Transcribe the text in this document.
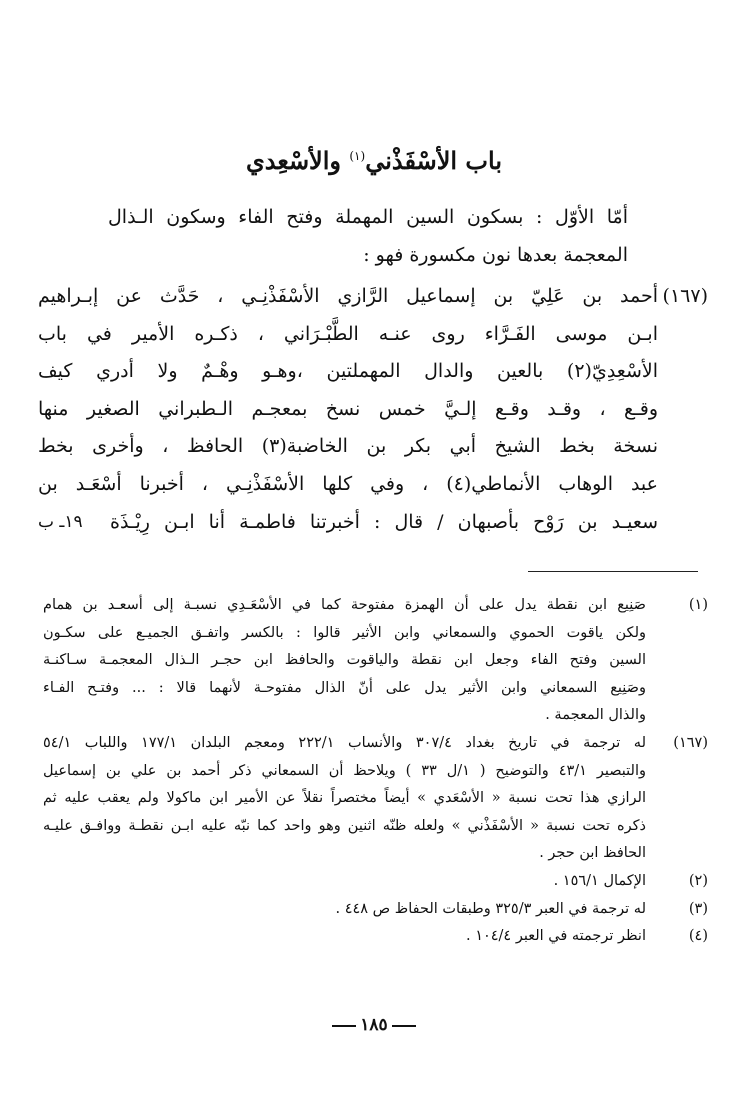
باب الأسْفَذْني$^{(١)}$ والأسْعِدي
أمّا الأوّل : بسكون السين المهملة وفتح الفاء وسكون الـذال
المعجمة بعدها نون مكسورة فهو :
(١٦٧)
أحمد بن عَلِيّ بن إسماعيل الرَّازي الأسْفَذْنِـي ، حَدَّث عن إبـراهيم
ابـن موسى الفَـرَّاء روى عنـه الطَّبْـرَاني ، ذكـره الأمير في باب
الأسْعِدِيّ(٢) بالعين والدال المهملتين ،وهـو وهْـمٌ ولا أدري كيف
وقـع ، وقـد وقـع إلـيَّ خمس نسخ بمعجـم الـطبراني الصغير منها
نسخة بخط الشيخ أبي بكر بن الخاضبة(٣) الحافظ ، وأخرى بخط
عبد الوهاب الأنماطي(٤) ، وفي كلها الأسْفَذْنِـي ، أخبرنا أسْعَـد بن
سعيـد بن رَوْح بأصبهان / قال : أخبرتنا فاطمـة أنا ابـن رِيْـذَة
١٩ـ ب
(١)
صَنِيع ابن نقطة يدل على أن الهمزة مفتوحة كما في الأسْعَـدِي نسبـة إلى أسعـد بن همام
ولكن ياقوت الحموي والسمعاني وابن الأثير قالوا : بالكسر واتفـق الجميـع على سكـون
السين وفتح الفاء وجعل ابن نقطة والياقوت والحافظ ابن حجـر الـذال المعجمـة سـاكنـة
وصَنِيع السمعاني وابن الأثير يدل على أنّ الذال مفتوحـة لأنهما قالا : ... وفتـح الفـاء
والذال المعجمة .
(١٦٧)
له ترجمة في تاريخ بغداد ٣٠٧/٤ والأنساب ٢٢٢/١ ومعجم البلدان ١٧٧/١ واللباب ٥٤/١
والتبصير ٤٣/١ والتوضيح ( ١/ل ٣٣ ) ويلاحظ أن السمعاني ذكر أحمد بن علي بن إسماعيل
الرازي هذا تحت نسبة « الأسْعَدي » أيضاً مختصراً نقلاً عن الأمير ابن ماكولا ولم يعقب عليه ثم
ذكره تحت نسبة « الأسْفَذْني » ولعله ظنّه اثنين وهو واحد كما نبّه عليه ابـن نقطـة ووافـق عليـه
الحافظ ابن حجر .
(٢)
الإكمال ١٥٦/١ .
(٣)
له ترجمة في العبر ٣٢٥/٣ وطبقات الحفاظ ص ٤٤٨ .
(٤)
انظر ترجمته في العبر ١٠٤/٤ .
١٨٥
